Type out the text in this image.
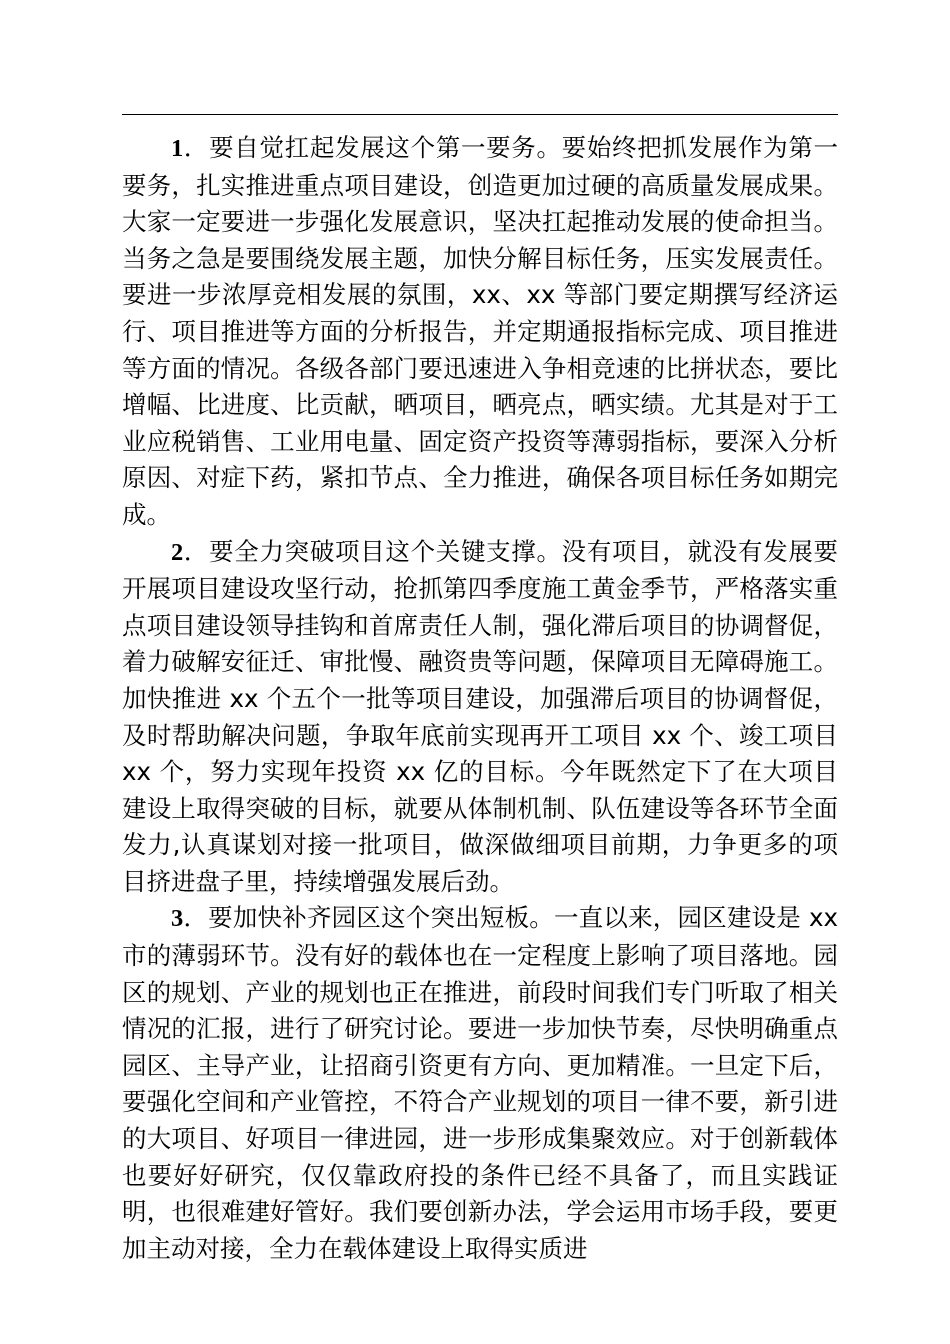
1．要自觉扛起发展这个第一要务。要始终把抓发展作为第一要务，扎实推进重点项目建设，创造更加过硬的高质量发展成果。大家一定要进一步强化发展意识，坚决扛起推动发展的使命担当。当务之急是要围绕发展主题，加快分解目标任务，压实发展责任。要进一步浓厚竞相发展的氛围，xx、xx 等部门要定期撰写经济运行、项目推进等方面的分析报告，并定期通报指标完成、项目推进等方面的情况。各级各部门要迅速进入争相竞速的比拼状态，要比增幅、比进度、比贡献，晒项目，晒亮点，晒实绩。尤其是对于工业应税销售、工业用电量、固定资产投资等薄弱指标，要深入分析原因、对症下药，紧扣节点、全力推进，确保各项目标任务如期完成。

2．要全力突破项目这个关键支撑。没有项目，就没有发展要开展项目建设攻坚行动，抢抓第四季度施工黄金季节，严格落实重点项目建设领导挂钩和首席责任人制，强化滞后项目的协调督促，着力破解安征迁、审批慢、融资贵等问题，保障项目无障碍施工。加快推进 xx 个五个一批等项目建设，加强滞后项目的协调督促，及时帮助解决问题，争取年底前实现再开工项目 xx 个、竣工项目 xx 个，努力实现年投资 xx 亿的目标。今年既然定下了在大项目建设上取得突破的目标，就要从体制机制、队伍建设等各环节全面发力,认真谋划对接一批项目，做深做细项目前期，力争更多的项目挤进盘子里，持续增强发展后劲。

3．要加快补齐园区这个突出短板。一直以来，园区建设是 xx 市的薄弱环节。没有好的载体也在一定程度上影响了项目落地。园区的规划、产业的规划也正在推进，前段时间我们专门听取了相关情况的汇报，进行了研究讨论。要进一步加快节奏，尽快明确重点园区、主导产业，让招商引资更有方向、更加精准。一旦定下后，要强化空间和产业管控，不符合产业规划的项目一律不要，新引进的大项目、好项目一律进园，进一步形成集聚效应。对于创新载体也要好好研究，仅仅靠政府投的条件已经不具备了，而且实践证明，也很难建好管好。我们要创新办法，学会运用市场手段，要更加主动对接，全力在载体建设上取得实质进
